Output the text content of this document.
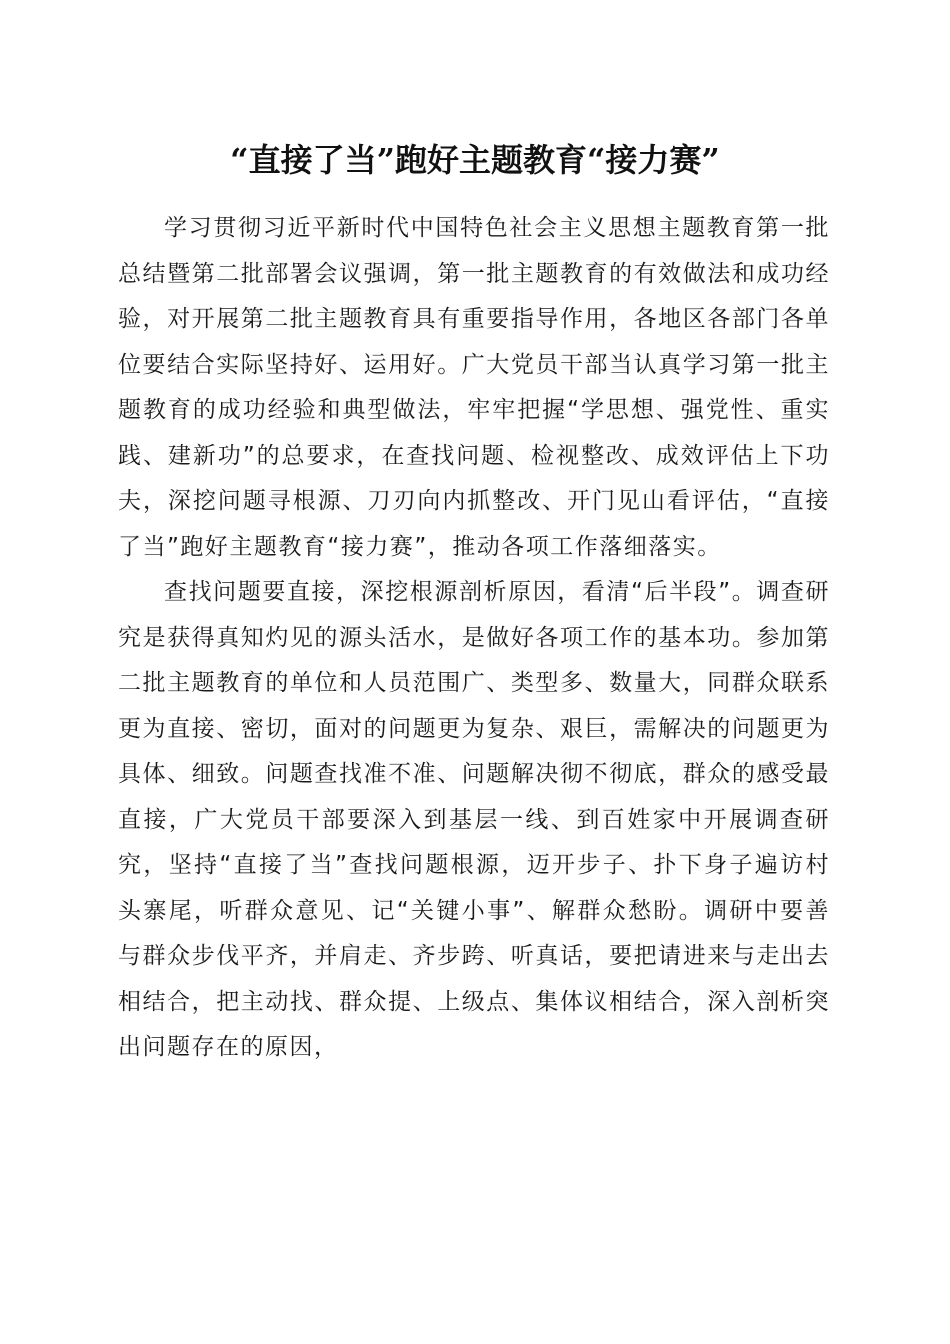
“直接了当”跑好主题教育“接力赛”

学习贯彻习近平新时代中国特色社会主义思想主题教育第一批总结暨第二批部署会议强调，第一批主题教育的有效做法和成功经验，对开展第二批主题教育具有重要指导作用，各地区各部门各单位要结合实际坚持好、运用好。广大党员干部当认真学习第一批主题教育的成功经验和典型做法，牢牢把握“学思想、强党性、重实践、建新功”的总要求，在查找问题、检视整改、成效评估上下功夫，深挖问题寻根源、刀刃向内抓整改、开门见山看评估，“直接了当”跑好主题教育“接力赛”，推动各项工作落细落实。

查找问题要直接，深挖根源剖析原因，看清“后半段”。调查研究是获得真知灼见的源头活水，是做好各项工作的基本功。参加第二批主题教育的单位和人员范围广、类型多、数量大，同群众联系更为直接、密切，面对的问题更为复杂、艰巨，需解决的问题更为具体、细致。问题查找准不准、问题解决彻不彻底，群众的感受最直接，广大党员干部要深入到基层一线、到百姓家中开展调查研究，坚持“直接了当”查找问题根源，迈开步子、扑下身子遍访村头寨尾，听群众意见、记“关键小事”、解群众愁盼。调研中要善与群众步伐平齐，并肩走、齐步跨、听真话，要把请进来与走出去相结合，把主动找、群众提、上级点、集体议相结合，深入剖析突出问题存在的原因，
